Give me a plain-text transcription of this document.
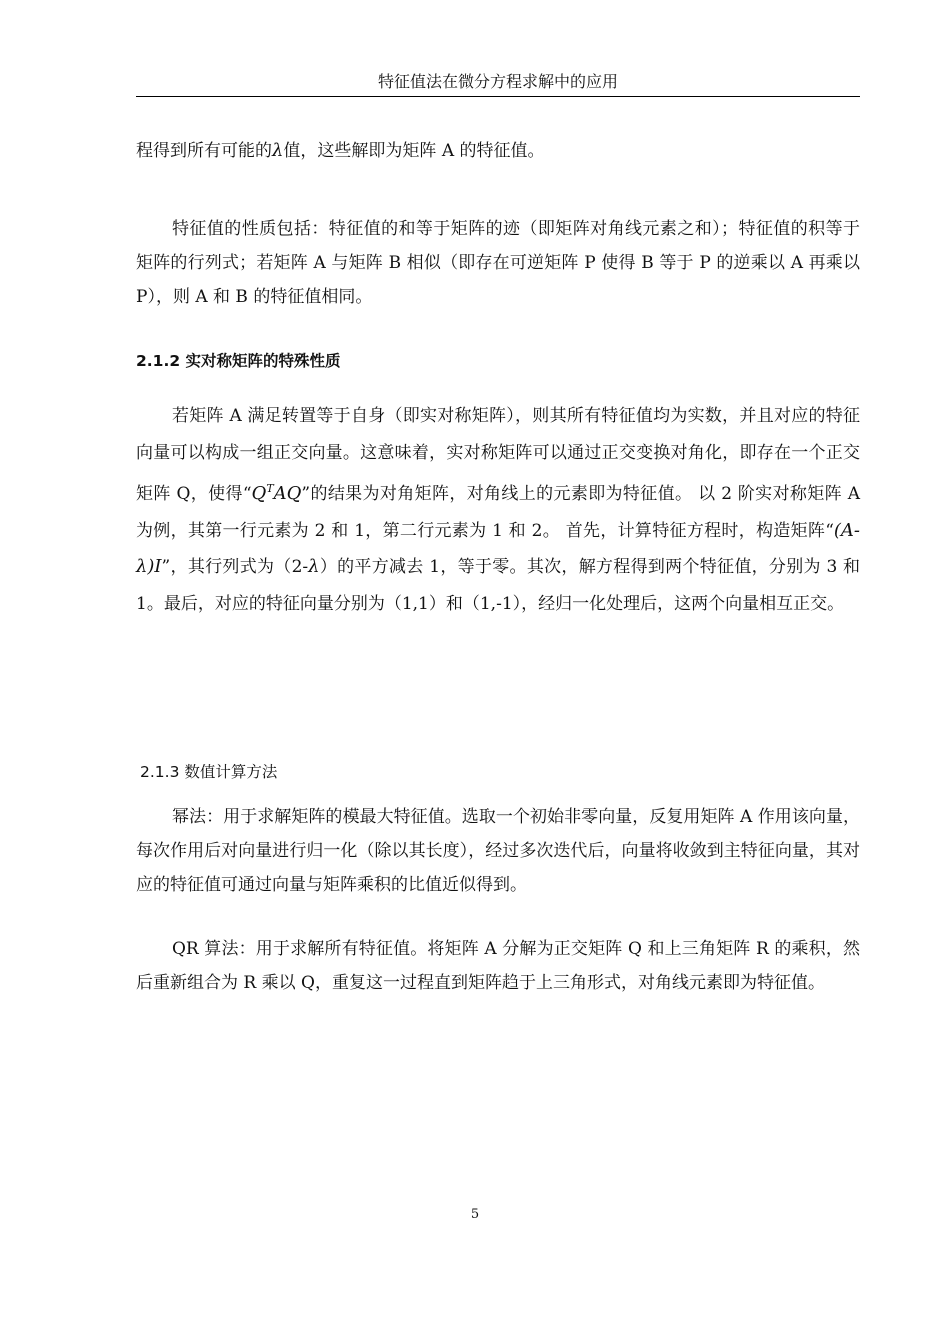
特征值法在微分方程求解中的应用

程得到所有可能的λ值，这些解即为矩阵 A 的特征值。

特征值的性质包括：特征值的和等于矩阵的迹（即矩阵对角线元素之和）；特征值的积等于矩阵的行列式；若矩阵 A 与矩阵 B 相似（即存在可逆矩阵 P 使得 B 等于 P 的逆乘以 A 再乘以 P），则 A 和 B 的特征值相同。

2.1.2 实对称矩阵的特殊性质

若矩阵 A 满足转置等于自身（即实对称矩阵），则其所有特征值均为实数，并且对应的特征向量可以构成一组正交向量。这意味着，实对称矩阵可以通过正交变换对角化，即存在一个正交矩阵 Q，使得“$Q^TAQ$”的结果为对角矩阵，对角线上的元素即为特征值。 以 2 阶实对称矩阵 A 为例，其第一行元素为 2 和 1，第二行元素为 1 和 2。 首先，计算特征方程时，构造矩阵“(A- λ)I”，其行列式为（2-λ）的平方减去 1，等于零。其次，解方程得到两个特征值，分别为 3 和 1。最后，对应的特征向量分别为（1,1）和（1,-1），经归一化处理后，这两个向量相互正交。

2.1.3 数值计算方法

幂法：用于求解矩阵的模最大特征值。选取一个初始非零向量，反复用矩阵 A 作用该向量，每次作用后对向量进行归一化（除以其长度），经过多次迭代后，向量将收敛到主特征向量，其对应的特征值可通过向量与矩阵乘积的比值近似得到。

QR 算法：用于求解所有特征值。将矩阵 A 分解为正交矩阵 Q 和上三角矩阵 R 的乘积，然后重新组合为 R 乘以 Q，重复这一过程直到矩阵趋于上三角形式，对角线元素即为特征值。

5
